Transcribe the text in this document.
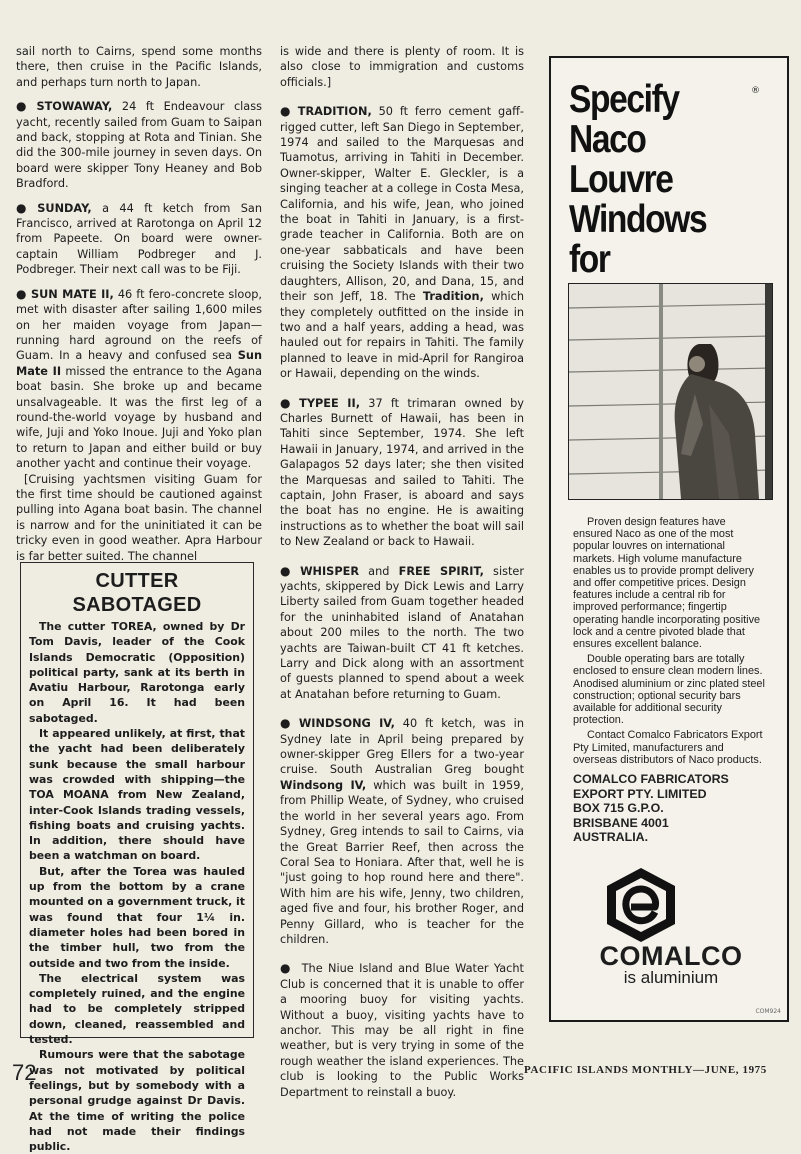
sail north to Cairns, spend some months there, then cruise in the Pacific Islands, and perhaps turn north to Japan.

● STOWAWAY, 24 ft Endeavour class yacht, recently sailed from Guam to Saipan and back, stopping at Rota and Tinian. She did the 300-mile journey in seven days. On board were skipper Tony Heaney and Bob Bradford.

● SUNDAY, a 44 ft ketch from San Francisco, arrived at Rarotonga on April 12 from Papeete. On board were owner-captain William Podbreger and J. Podbreger. Their next call was to be Fiji.

● SUN MATE II, 46 ft fero-concrete sloop, met with disaster after sailing 1,600 miles on her maiden voyage from Japan—running hard aground on the reefs of Guam. In a heavy and confused sea Sun Mate II missed the entrance to the Agana boat basin. She broke up and became unsalvageable. It was the first leg of a round-the-world voyage by husband and wife, Juji and Yoko Inoue. Juji and Yoko plan to return to Japan and either build or buy another yacht and continue their voyage.

[Cruising yachtsmen visiting Guam for the first time should be cautioned against pulling into Agana boat basin. The channel is narrow and for the uninitiated it can be tricky even in good weather. Apra Harbour is far better suited. The channel

CUTTER SABOTAGED

The cutter TOREA, owned by Dr Tom Davis, leader of the Cook Islands Democratic (Opposition) political party, sank at its berth in Avatiu Harbour, Rarotonga early on April 16. It had been sabotaged.

It appeared unlikely, at first, that the yacht had been deliberately sunk because the small harbour was crowded with shipping—the TOA MOANA from New Zealand, inter-Cook Islands trading vessels, fishing boats and cruising yachts. In addition, there should have been a watchman on board.

But, after the Torea was hauled up from the bottom by a crane mounted on a government truck, it was found that four 1¼ in. diameter holes had been bored in the timber hull, two from the outside and two from the inside.

The electrical system was completely ruined, and the engine had to be completely stripped down, cleaned, reassembled and tested.

Rumours were that the sabotage was not motivated by political feelings, but by somebody with a personal grudge against Dr Davis. At the time of writing the police had not made their findings public.

is wide and there is plenty of room. It is also close to immigration and customs officials.]

● TRADITION, 50 ft ferro cement gaff-rigged cutter, left San Diego in September, 1974 and sailed to the Marquesas and Tuamotus, arriving in Tahiti in December. Owner-skipper, Walter E. Gleckler, is a singing teacher at a college in Costa Mesa, California, and his wife, Jean, who joined the boat in Tahiti in January, is a first-grade teacher in California. Both are on one-year sabbaticals and have been cruising the Society Islands with their two daughters, Allison, 20, and Dana, 15, and their son Jeff, 18. The Tradition, which they completely outfitted on the inside in two and a half years, adding a head, was hauled out for repairs in Tahiti. The family planned to leave in mid-April for Rangiroa or Hawaii, depending on the winds.

● TYPEE II, 37 ft trimaran owned by Charles Burnett of Hawaii, has been in Tahiti since September, 1974. She left Hawaii in January, 1974, and arrived in the Galapagos 52 days later; she then visited the Marquesas and sailed to Tahiti. The captain, John Fraser, is aboard and says the boat has no engine. He is awaiting instructions as to whether the boat will sail to New Zealand or back to Hawaii.

● WHISPER and FREE SPIRIT, sister yachts, skippered by Dick Lewis and Larry Liberty sailed from Guam together headed for the uninhabited island of Anatahan about 200 miles to the north. The two yachts are Taiwan-built CT 41 ft ketches. Larry and Dick along with an assortment of guests planned to spend about a week at Anatahan before returning to Guam.

● WINDSONG IV, 40 ft ketch, was in Sydney late in April being prepared by owner-skipper Greg Ellers for a two-year cruise. South Australian Greg bought Windsong IV, which was built in 1959, from Phillip Weate, of Sydney, who cruised the world in her several years ago. From Sydney, Greg intends to sail to Cairns, via the Great Barrier Reef, then across the Coral Sea to Honiara. After that, well he is "just going to hop round here and there". With him are his wife, Jenny, two children, aged five and four, his brother Roger, and Penny Gillard, who is teacher for the children.

● The Niue Island and Blue Water Yacht Club is concerned that it is unable to offer a mooring buoy for visiting yachts. Without a buoy, visiting yachts have to anchor. This may be all right in fine weather, but is very trying in some of the rough weather the island experiences. The club is looking to the Public Works Department to reinstall a buoy.

Specify Naco
Louvre
Windows for

®

Proven design features have ensured Naco as one of the most popular louvres on international markets. High volume manufacture enables us to provide prompt delivery and offer competitive prices. Design features include a central rib for improved performance; fingertip operating handle incorporating positive lock and a centre pivoted blade that ensures excellent balance.

Double operating bars are totally enclosed to ensure clean modern lines. Anodised aluminium or zinc plated steel construction; optional security bars available for additional security protection.

Contact Comalco Fabricators Export Pty Limited, manufacturers and overseas distributors of Naco products.

COMALCO FABRICATORS
EXPORT PTY. LIMITED
BOX 715 G.P.O.
BRISBANE 4001
AUSTRALIA.
COMALCO
is aluminium
COM924
72	PACIFIC ISLANDS MONTHLY—JUNE, 1975
